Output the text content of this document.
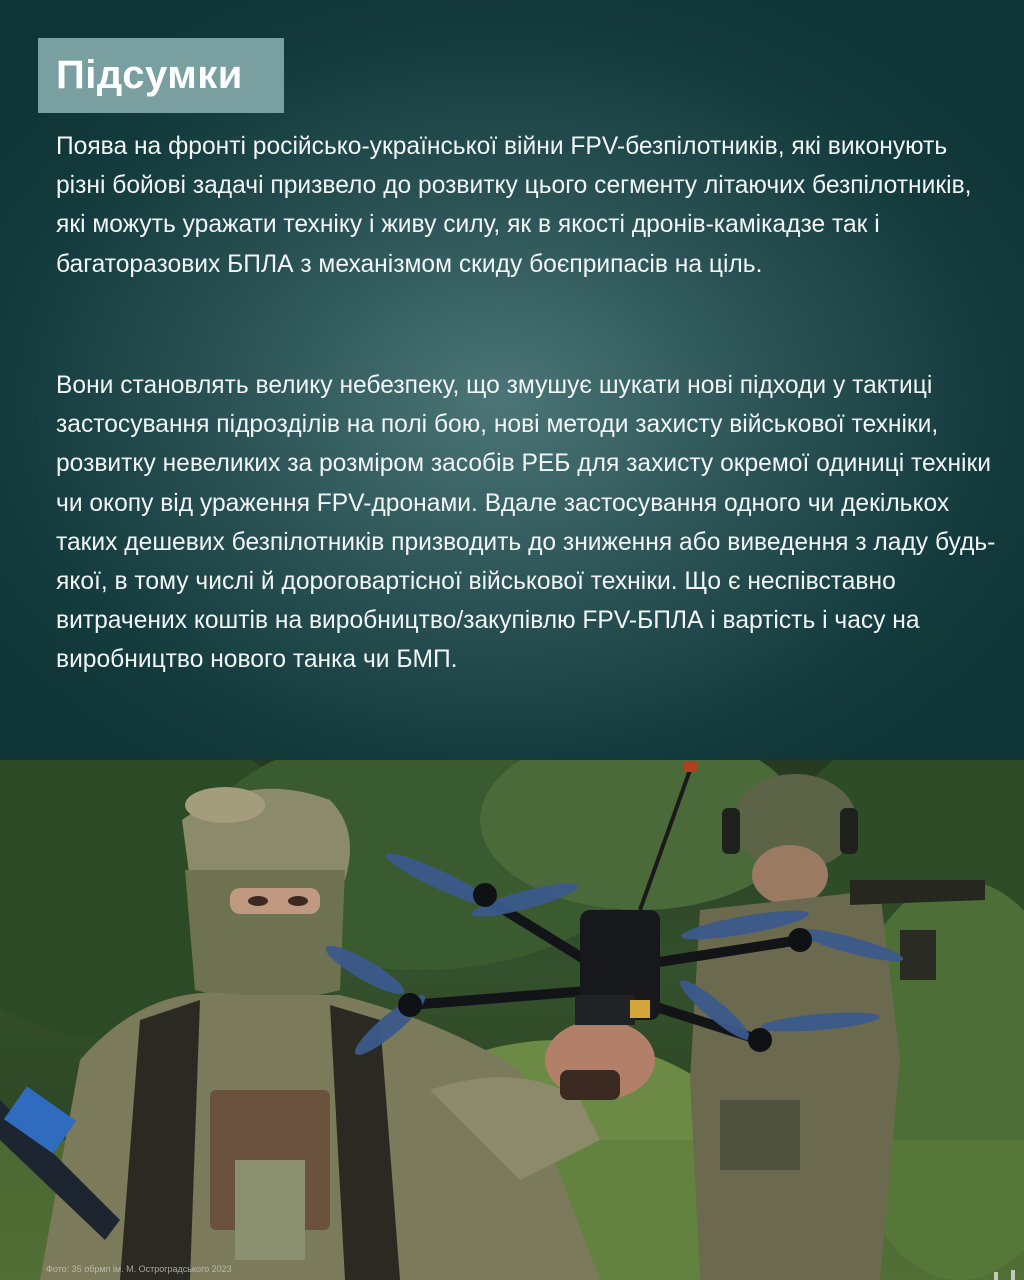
Підсумки

Поява на фронті російсько-української війни FPV-безпілотників, які виконують різні бойові задачі призвело до розвитку цього сегменту літаючих безпілотників, які можуть уражати техніку і живу силу, як в якості дронів-камікадзе так і багаторазових БПЛА з механізмом скиду боєприпасів на ціль.

Вони становлять велику небезпеку, що змушує шукати нові підходи у тактиці застосування підрозділів на полі бою, нові методи захисту військової техніки, розвитку невеликих за розміром засобів РЕБ для захисту окремої одиниці техніки чи окопу від ураження FPV-дронами. Вдале застосування одного чи декількох таких дешевих безпілотників призводить до зниження або виведення з ладу будь-якої, в тому числі й дороговартісної військової техніки. Що є неспівставно витрачених коштів на виробництво/закупівлю FPV-БПЛА і вартість і часу на виробництво нового танка чи БМП.

Фото: 35 обрмп ім. М. Остроградського 2023
